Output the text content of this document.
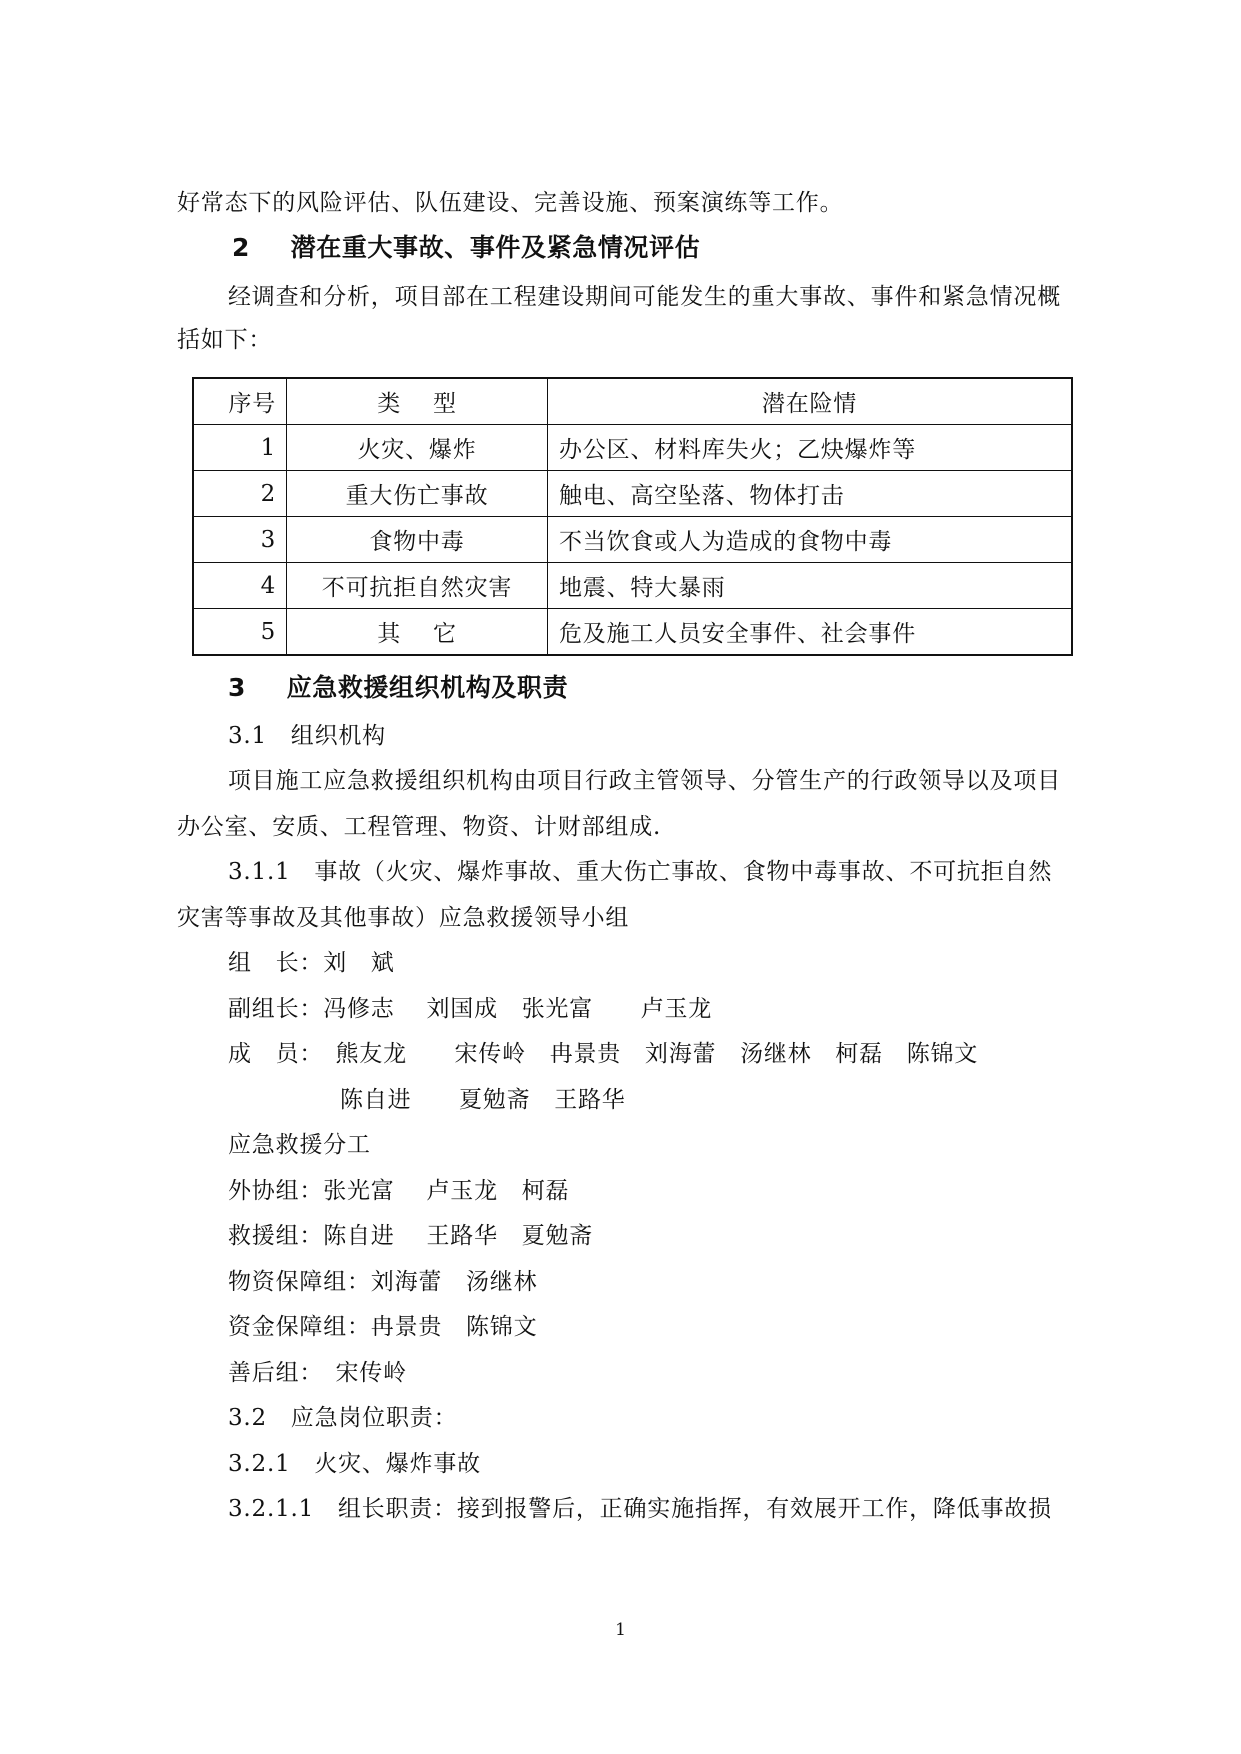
好常态下的风险评估、队伍建设、完善设施、预案演练等工作。
2 潜在重大事故、事件及紧急情况评估
经调查和分析，项目部在工程建设期间可能发生的重大事故、事件和紧急情况概
括如下：
序号	类　 型	潜在险情
1	火灾、爆炸	办公区、材料库失火；乙炔爆炸等
2	重大伤亡事故	触电、高空坠落、物体打击
3	食物中毒	不当饮食或人为造成的食物中毒
4	不可抗拒自然灾害	地震、特大暴雨
5	其　 它	危及施工人员安全事件、社会事件
3 应急救援组织机构及职责
3.1　组织机构
项目施工应急救援组织机构由项目行政主管领导、分管生产的行政领导以及项目
办公室、安质、工程管理、物资、计财部组成.
3.1.1　事故（火灾、爆炸事故、重大伤亡事故、食物中毒事故、不可抗拒自然
灾害等事故及其他事故）应急救援领导小组
组　长：刘　斌
副组长：冯修志　 刘国成　张光富　　卢玉龙
成　员：　熊友龙　　宋传岭　冉景贵　刘海蕾　汤继林　柯磊　陈锦文
陈自进　　夏勉斋　王路华
应急救援分工
外协组：张光富　 卢玉龙　柯磊
救援组：陈自进　 王路华　夏勉斋
物资保障组：刘海蕾　汤继林
资金保障组：冉景贵　陈锦文
善后组：　宋传岭
3.2　应急岗位职责：
3.2.1　火灾、爆炸事故
3.2.1.1　组长职责：接到报警后，正确实施指挥，有效展开工作，降低事故损
1
